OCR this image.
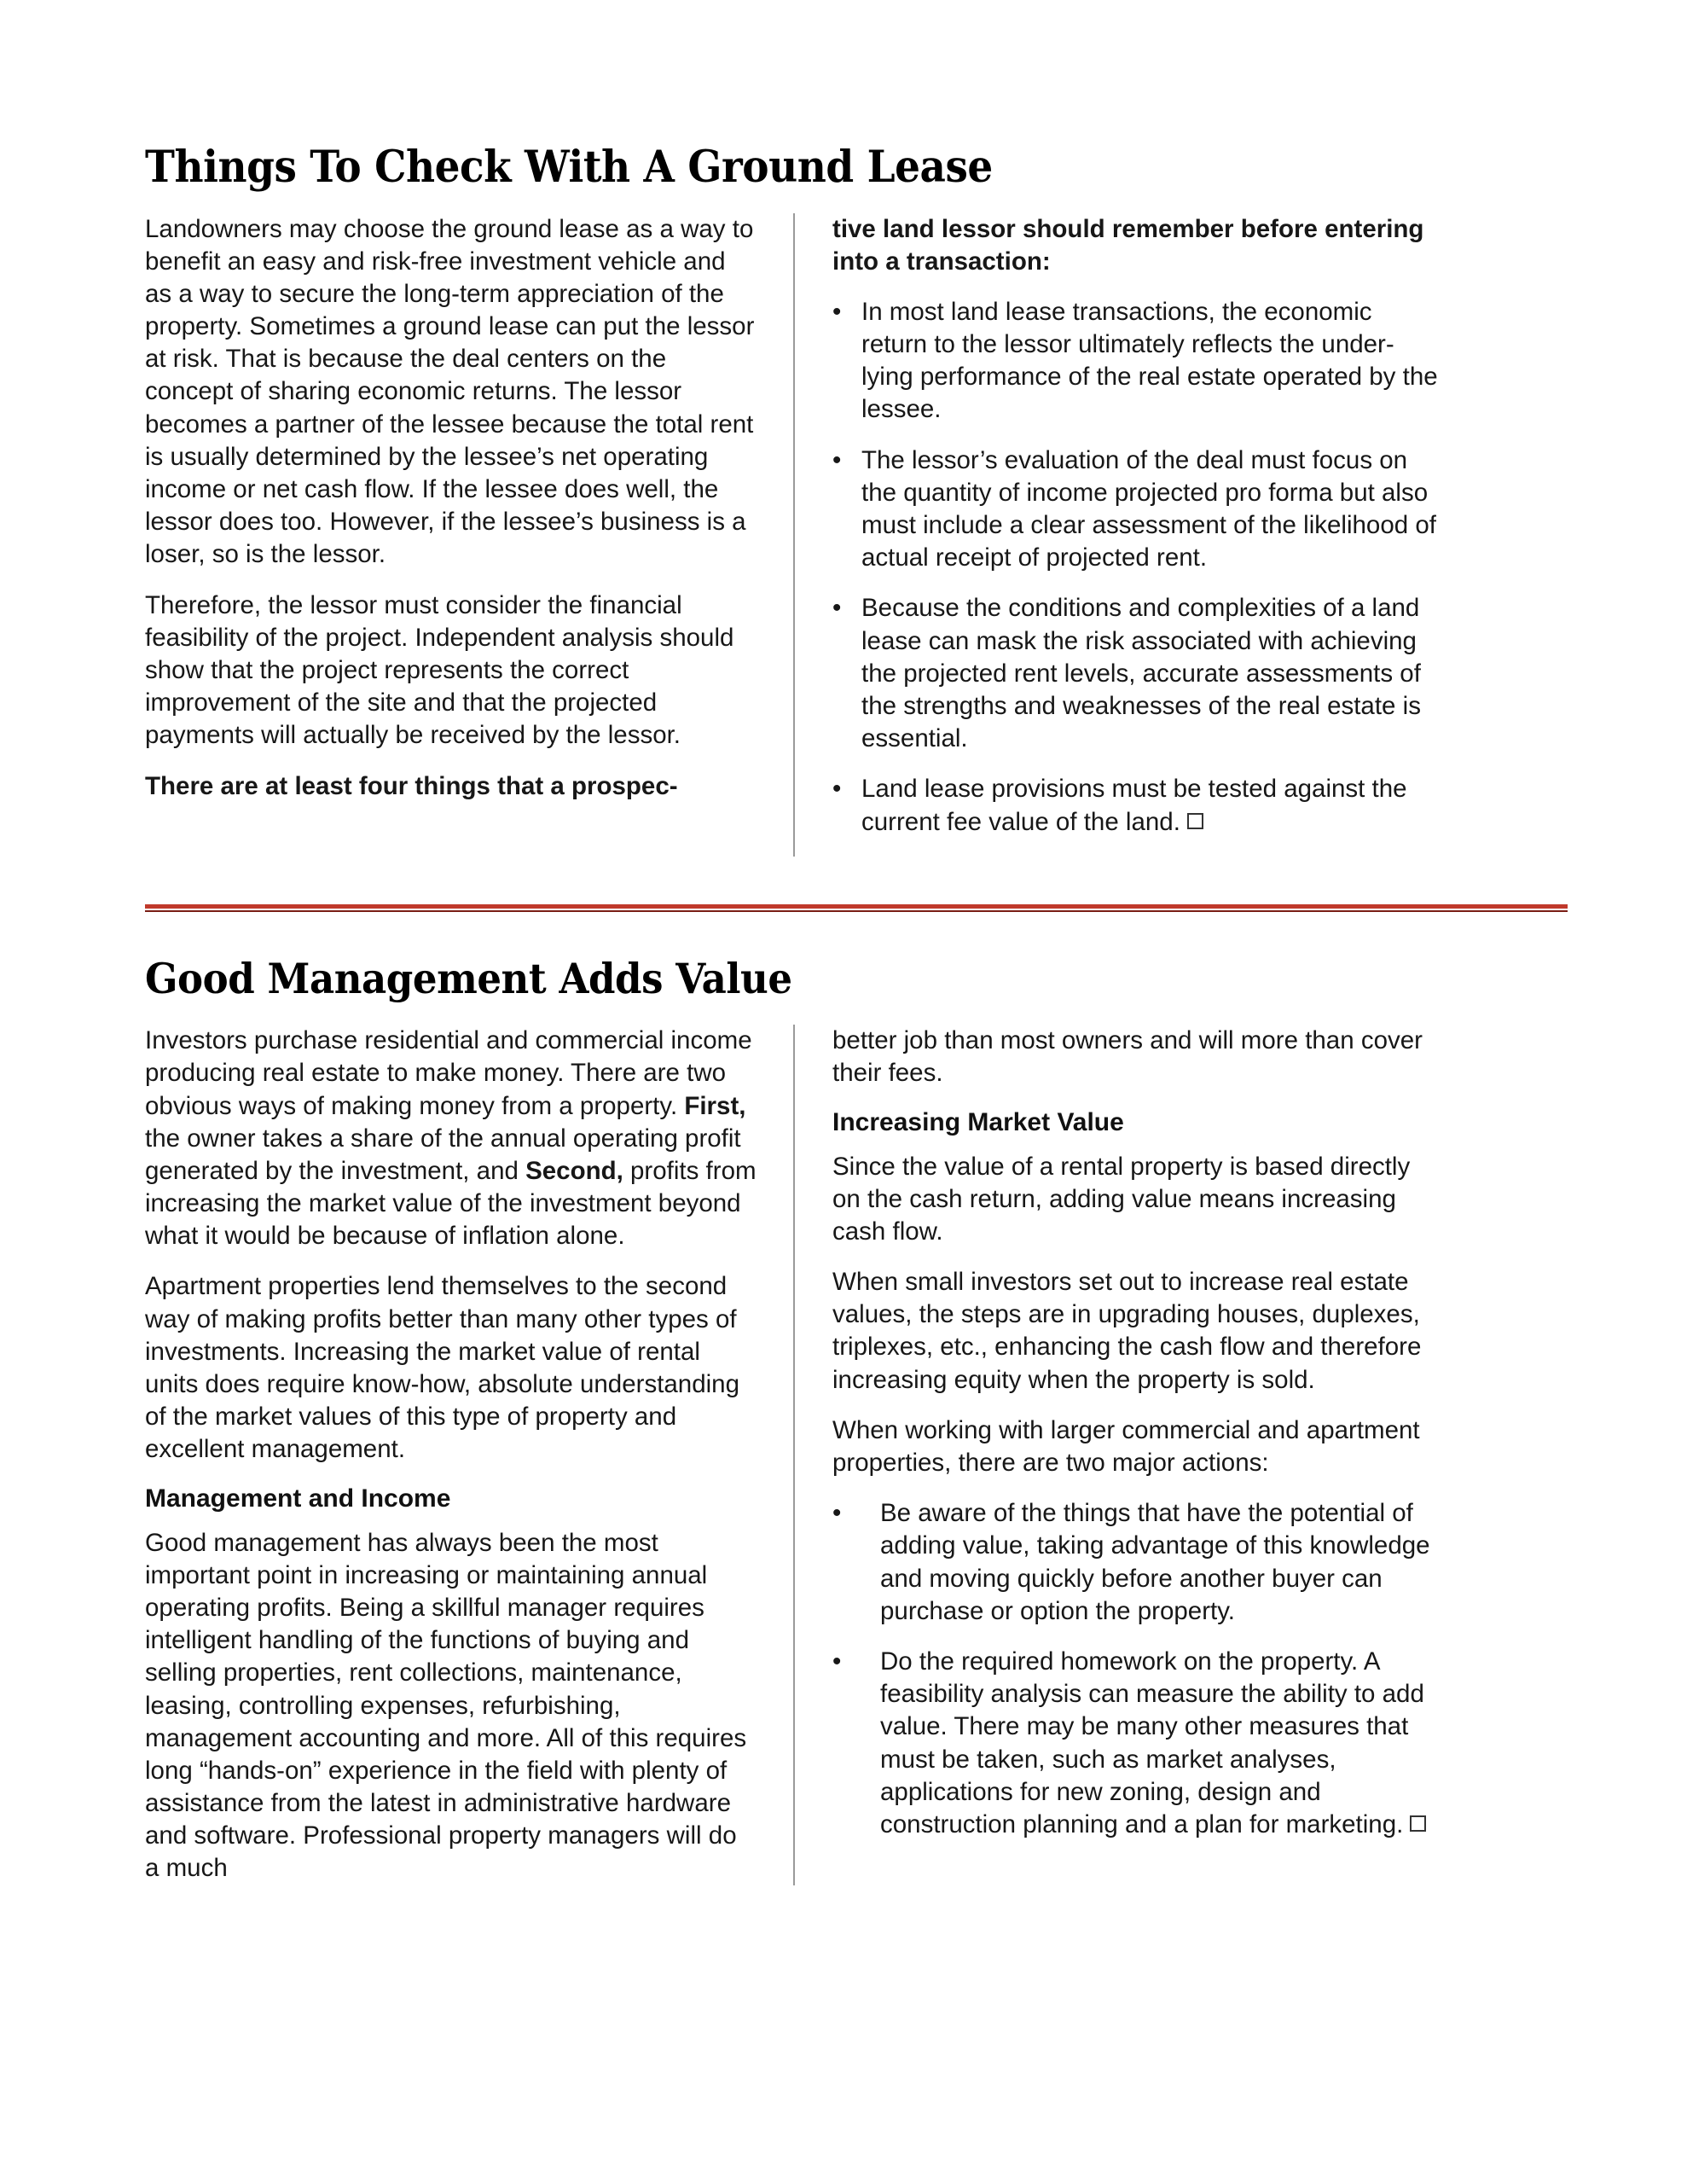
Things To Check With A Ground Lease

Landowners may choose the ground lease as a way to benefit an easy and risk-free investment vehicle and as a way to secure the long-term appreciation of the property. Sometimes a ground lease can put the lessor at risk. That is because the deal centers on the concept of sharing economic returns. The lessor becomes a partner of the lessee because the total rent is usually determined by the lessee’s net operating income or net cash flow. If the lessee does well, the lessor does too. However, if the lessee’s business is a loser, so is the lessor.

Therefore, the lessor must consider the financial feasibility of the project. Independent analysis should show that the project represents the correct improvement of the site and that the projected payments will actually be received by the lessor.

There are at least four things that a prospec-

tive land lessor should remember before entering into a transaction:

• In most land lease transactions, the economic return to the lessor ultimately reflects the under-lying performance of the real estate operated by the lessee.
• The lessor’s evaluation of the deal must focus on the quantity of income projected pro forma but also must include a clear assessment of the likelihood of actual receipt of projected rent.
• Because the conditions and complexities of a land lease can mask the risk associated with achieving the projected rent levels, accurate assessments of the strengths and weaknesses of the real estate is essential.
• Land lease provisions must be tested against the current fee value of the land.
Good Management Adds Value

Investors purchase residential and commercial income producing real estate to make money. There are two obvious ways of making money from a property. First, the owner takes a share of the annual operating profit generated by the investment, and Second, profits from increasing the market value of the investment beyond what it would be because of inflation alone.

Apartment properties lend themselves to the second way of making profits better than many other types of investments. Increasing the market value of rental units does require know-how, absolute understanding of the market values of this type of property and excellent management.

Management and Income

Good management has always been the most important point in increasing or maintaining annual operating profits. Being a skillful manager requires intelligent handling of the functions of buying and selling properties, rent collections, maintenance, leasing, controlling expenses, refurbishing, management accounting and more. All of this requires long “hands-on” experience in the field with plenty of assistance from the latest in administrative hardware and software. Professional property managers will do a much

better job than most owners and will more than cover their fees.

Increasing Market Value

Since the value of a rental property is based directly on the cash return, adding value means increasing cash flow.

When small investors set out to increase real estate values, the steps are in upgrading houses, duplexes, triplexes, etc., enhancing the cash flow and therefore increasing equity when the property is sold.

When working with larger commercial and apartment properties, there are two major actions:

•	Be aware of the things that have the potential of adding value, taking advantage of this knowledge and moving quickly before another buyer can purchase or option the property.
•	Do the required homework on the property. A feasibility analysis can measure the ability to add value. There may be many other measures that must be taken, such as market analyses, applications for new zoning, design and construction planning and a plan for marketing.
